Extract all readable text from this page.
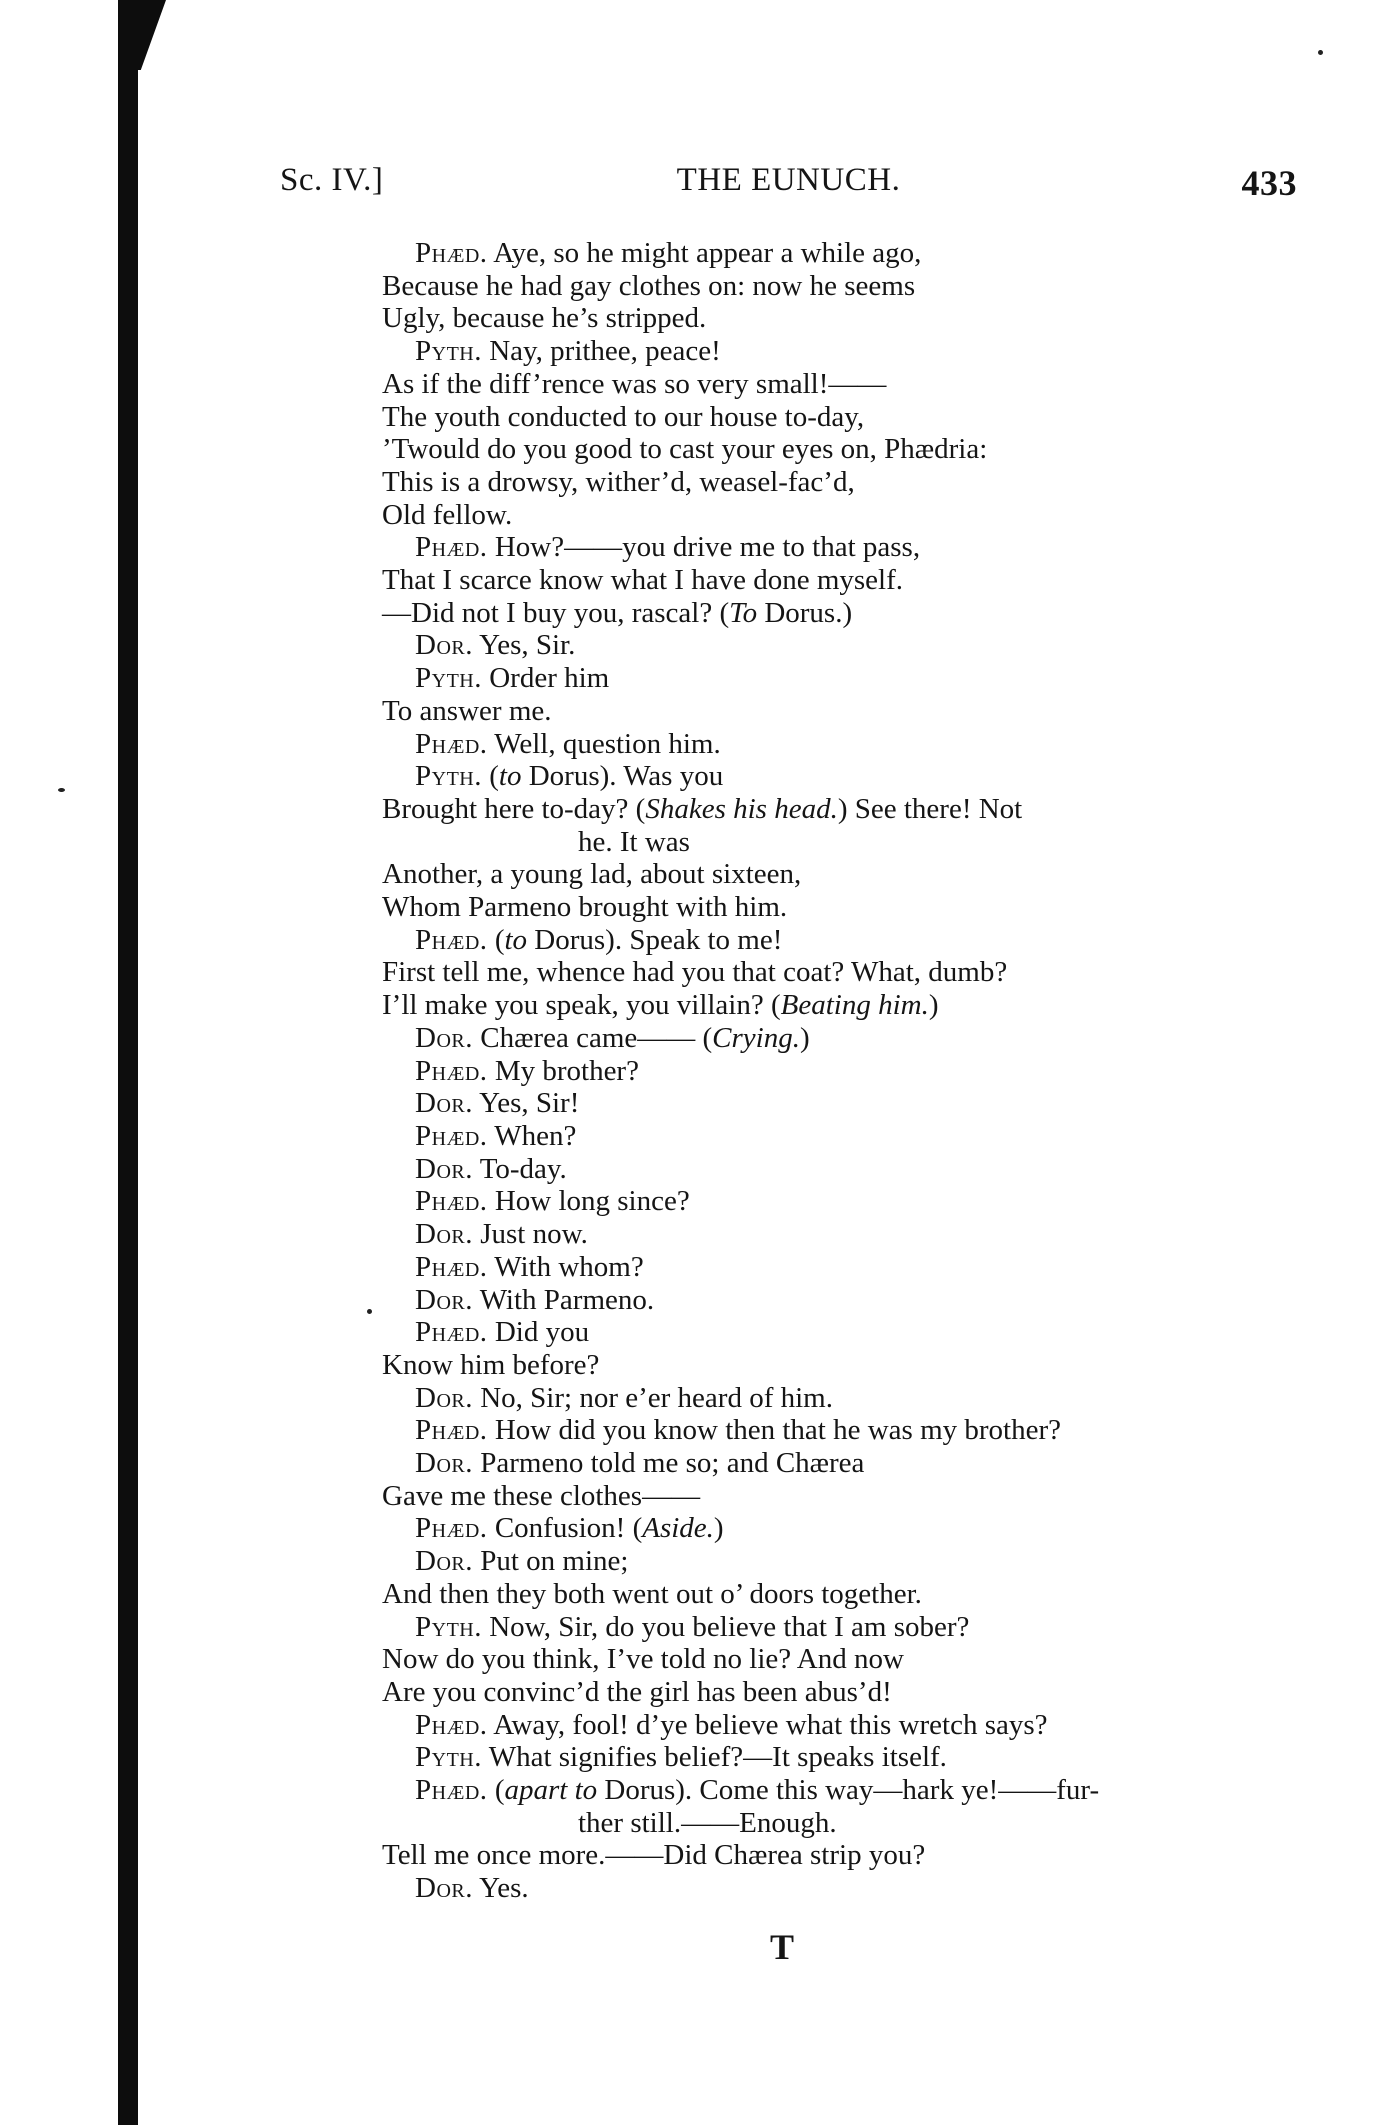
Sc. IV.]	THE EUNUCH.	433
Phæd. Aye, so he might appear a while ago,
Because he had gay clothes on: now he seems
Ugly, because he’s stripped.
Pyth. Nay, prithee, peace!
As if the diff’rence was so very small!——
The youth conducted to our house to-day,
’Twould do you good to cast your eyes on, Phædria:
This is a drowsy, wither’d, weasel-fac’d,
Old fellow.
Phæd. How?——you drive me to that pass,
That I scarce know what I have done myself.
—Did not I buy you, rascal? (To Dorus.)
Dor. Yes, Sir.
Pyth. Order him
To answer me.
Phæd. Well, question him.
Pyth. (to Dorus). Was you
Brought here to-day? (Shakes his head.) See there! Not
he. It was
Another, a young lad, about sixteen,
Whom Parmeno brought with him.
Phæd. (to Dorus). Speak to me!
First tell me, whence had you that coat? What, dumb?
I’ll make you speak, you villain? (Beating him.)
Dor. Chærea came—— (Crying.)
Phæd. My brother?
Dor. Yes, Sir!
Phæd. When?
Dor. To-day.
Phæd. How long since?
Dor. Just now.
Phæd. With whom?
Dor. With Parmeno.
Phæd. Did you
Know him before?
Dor. No, Sir; nor e’er heard of him.
Phæd. How did you know then that he was my brother?
Dor. Parmeno told me so; and Chærea
Gave me these clothes——
Phæd. Confusion! (Aside.)
Dor. Put on mine;
And then they both went out o’ doors together.
Pyth. Now, Sir, do you believe that I am sober?
Now do you think, I’ve told no lie? And now
Are you convinc’d the girl has been abus’d!
Phæd. Away, fool! d’ye believe what this wretch says?
Pyth. What signifies belief?—It speaks itself.
Phæd. (apart to Dorus). Come this way—hark ye!——fur-
ther still.——Enough.
Tell me once more.——Did Chærea strip you?
Dor. Yes.
T
